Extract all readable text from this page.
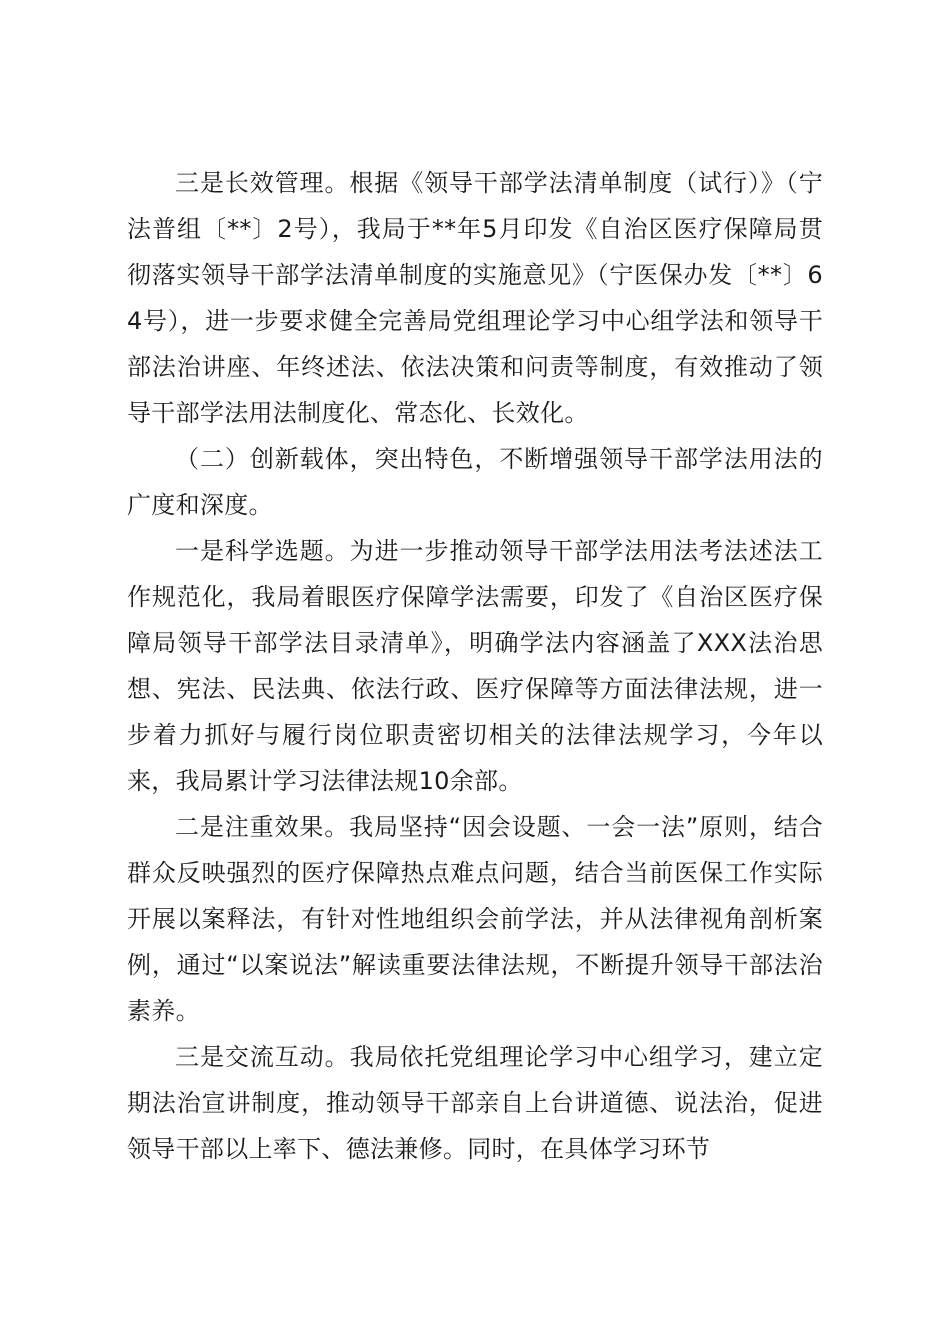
三是长效管理。根据《领导干部学法清单制度（试行）》（宁法普组〔**〕2号），我局于**年5月印发《自治区医疗保障局贯彻落实领导干部学法清单制度的实施意见》（宁医保办发〔**〕64号），进一步要求健全完善局党组理论学习中心组学法和领导干部法治讲座、年终述法、依法决策和问责等制度，有效推动了领导干部学法用法制度化、常态化、长效化。

（二）创新载体，突出特色，不断增强领导干部学法用法的广度和深度。

一是科学选题。为进一步推动领导干部学法用法考法述法工作规范化，我局着眼医疗保障学法需要，印发了《自治区医疗保障局领导干部学法目录清单》，明确学法内容涵盖了XXX法治思想、宪法、民法典、依法行政、医疗保障等方面法律法规，进一步着力抓好与履行岗位职责密切相关的法律法规学习，今年以来，我局累计学习法律法规10余部。

二是注重效果。我局坚持“因会设题、一会一法”原则，结合群众反映强烈的医疗保障热点难点问题，结合当前医保工作实际开展以案释法，有针对性地组织会前学法，并从法律视角剖析案例，通过“以案说法”解读重要法律法规，不断提升领导干部法治素养。

三是交流互动。我局依托党组理论学习中心组学习，建立定期法治宣讲制度，推动领导干部亲自上台讲道德、说法治，促进领导干部以上率下、德法兼修。同时，在具体学习环节
